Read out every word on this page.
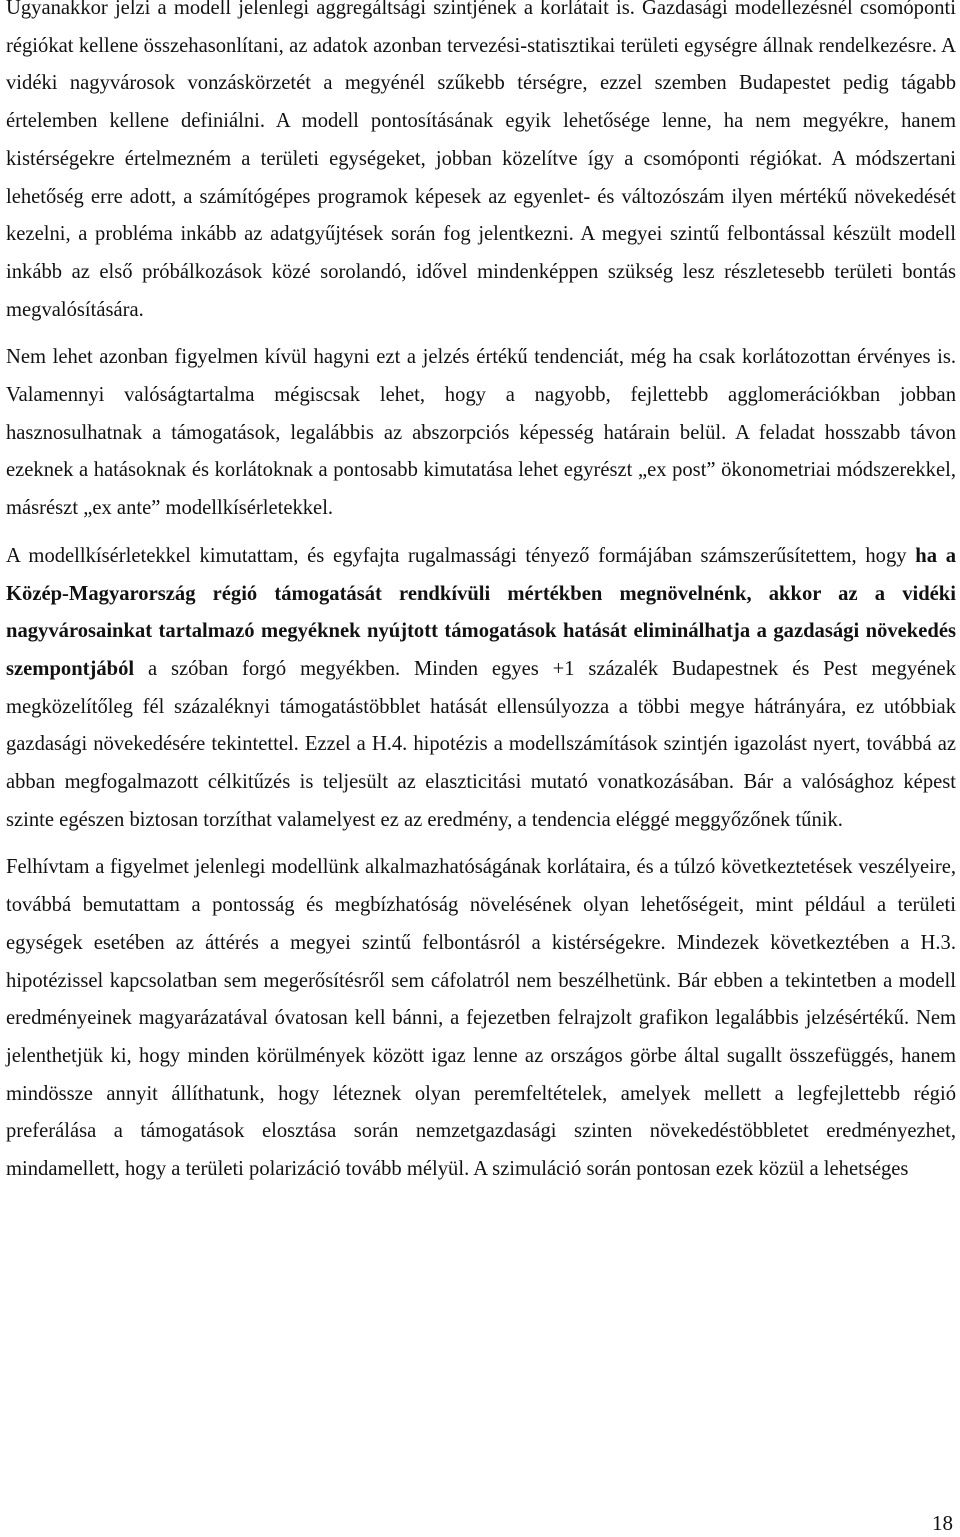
Ugyanakkor jelzi a modell jelenlegi aggregáltsági szintjének a korlátait is. Gazdasági modellezésnél csomóponti régiókat kellene összehasonlítani, az adatok azonban tervezési-statisztikai területi egységre állnak rendelkezésre. A vidéki nagyvárosok vonzáskörzetét a megyénél szűkebb térségre, ezzel szemben Budapestet pedig tágabb értelemben kellene definiálni. A modell pontosításának egyik lehetősége lenne, ha nem megyékre, hanem kistérségekre értelmezném a területi egységeket, jobban közelítve így a csomóponti régiókat. A módszertani lehetőség erre adott, a számítógépes programok képesek az egyenlet- és változószám ilyen mértékű növekedését kezelni, a probléma inkább az adatgyűjtések során fog jelentkezni. A megyei szintű felbontással készült modell inkább az első próbálkozások közé sorolandó, idővel mindenképpen szükség lesz részletesebb területi bontás megvalósítására.

Nem lehet azonban figyelmen kívül hagyni ezt a jelzés értékű tendenciát, még ha csak korlátozottan érvényes is. Valamennyi valóságtartalma mégiscsak lehet, hogy a nagyobb, fejlettebb agglomerációkban jobban hasznosulhatnak a támogatások, legalábbis az abszorpciós képesség határain belül. A feladat hosszabb távon ezeknek a hatásoknak és korlátoknak a pontosabb kimutatása lehet egyrészt „ex post” ökonometriai módszerekkel, másrészt „ex ante” modellkísérletekkel.

A modellkísérletekkel kimutattam, és egyfajta rugalmassági tényező formájában számszerűsítettem, hogy ha a Közép-Magyarország régió támogatását rendkívüli mértékben megnövelnénk, akkor az a vidéki nagyvárosainkat tartalmazó megyéknek nyújtott támogatások hatását eliminálhatja a gazdasági növekedés szempontjából a szóban forgó megyékben. Minden egyes +1 százalék Budapestnek és Pest megyének megközelítőleg fél százaléknyi támogatástöbblet hatását ellensúlyozza a többi megye hátrányára, ez utóbbiak gazdasági növekedésére tekintettel. Ezzel a H.4. hipotézis a modellszámítások szintjén igazolást nyert, továbbá az abban megfogalmazott célkitűzés is teljesült az elaszticitási mutató vonatkozásában. Bár a valósághoz képest szinte egészen biztosan torzíthat valamelyest ez az eredmény, a tendencia eléggé meggyőzőnek tűnik.

Felhívtam a figyelmet jelenlegi modellünk alkalmazhatóságának korlátaira, és a túlzó következtetések veszélyeire, továbbá bemutattam a pontosság és megbízhatóság növelésének olyan lehetőségeit, mint például a területi egységek esetében az áttérés a megyei szintű felbontásról a kistérségekre. Mindezek következtében a H.3. hipotézissel kapcsolatban sem megerősítésről sem cáfolatról nem beszélhetünk. Bár ebben a tekintetben a modell eredményeinek magyarázatával óvatosan kell bánni, a fejezetben felrajzolt grafikon legalábbis jelzésértékű. Nem jelenthetjük ki, hogy minden körülmények között igaz lenne az országos görbe által sugallt összefüggés, hanem mindössze annyit állíthatunk, hogy léteznek olyan peremfeltételek, amelyek mellett a legfejlettebb régió preferálása a támogatások elosztása során nemzetgazdasági szinten növekedéstöbbletet eredményezhet, mindamellett, hogy a területi polarizáció tovább mélyül. A szimuláció során pontosan ezek közül a lehetséges

18
